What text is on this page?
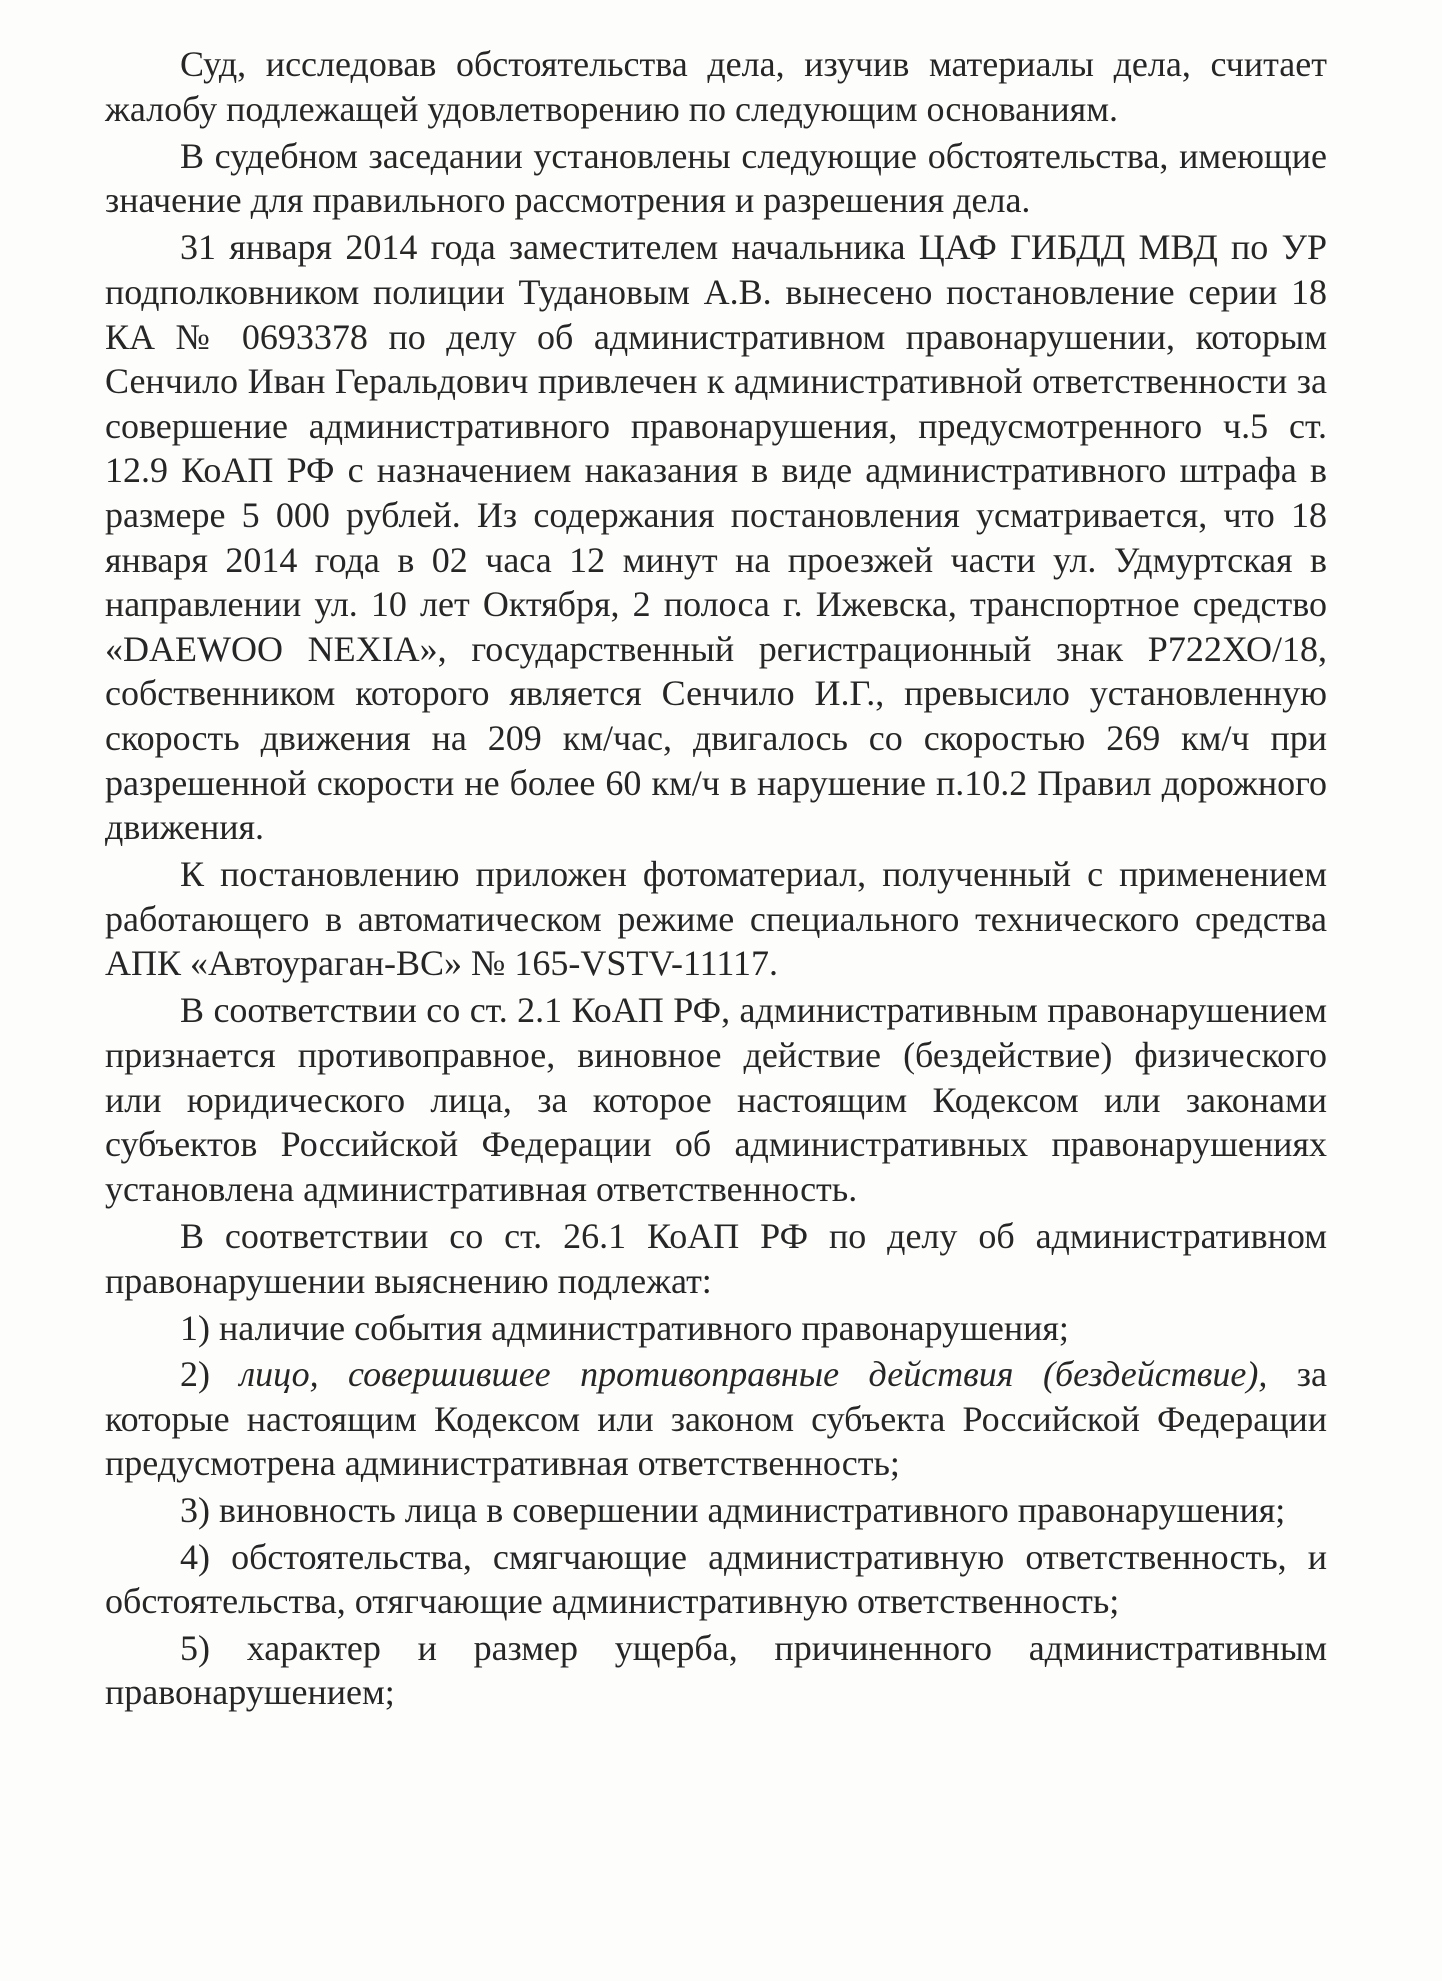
Суд, исследовав обстоятельства дела, изучив материалы дела, считает жалобу подлежащей удовлетворению по следующим основаниям.

В судебном заседании установлены следующие обстоятельства, имеющие значение для правильного рассмотрения и разрешения дела.

31 января 2014 года заместителем начальника ЦАФ ГИБДД МВД по УР подполковником полиции Тудановым А.В. вынесено постановление серии 18 КА № 0693378 по делу об административном правонарушении, которым Сенчило Иван Геральдович привлечен к административной ответственности за совершение административного правонарушения, предусмотренного ч.5 ст. 12.9 КоАП РФ с назначением наказания в виде административного штрафа в размере 5 000 рублей. Из содержания постановления усматривается, что 18 января 2014 года в 02 часа 12 минут на проезжей части ул. Удмуртская в направлении ул. 10 лет Октября, 2 полоса г. Ижевска, транспортное средство «DAEWOO NEXIA», государственный регистрационный знак Р722ХО/18, собственником которого является Сенчило И.Г., превысило установленную скорость движения на 209 км/час, двигалось со скоростью 269 км/ч при разрешенной скорости не более 60 км/ч в нарушение п.10.2 Правил дорожного движения.

К постановлению приложен фотоматериал, полученный с применением работающего в автоматическом режиме специального технического средства АПК «Автоураган-ВС» № 165-VSTV-11117.

В соответствии со ст. 2.1 КоАП РФ, административным правонарушением признается противоправное, виновное действие (бездействие) физического или юридического лица, за которое настоящим Кодексом или законами субъектов Российской Федерации об административных правонарушениях установлена административная ответственность.

В соответствии со ст. 26.1 КоАП РФ по делу об административном правонарушении выяснению подлежат:

1) наличие события административного правонарушения;

2) лицо, совершившее противоправные действия (бездействие), за которые настоящим Кодексом или законом субъекта Российской Федерации предусмотрена административная ответственность;

3) виновность лица в совершении административного правонарушения;

4) обстоятельства, смягчающие административную ответственность, и обстоятельства, отягчающие административную ответственность;

5) характер и размер ущерба, причиненного административным правонарушением;
